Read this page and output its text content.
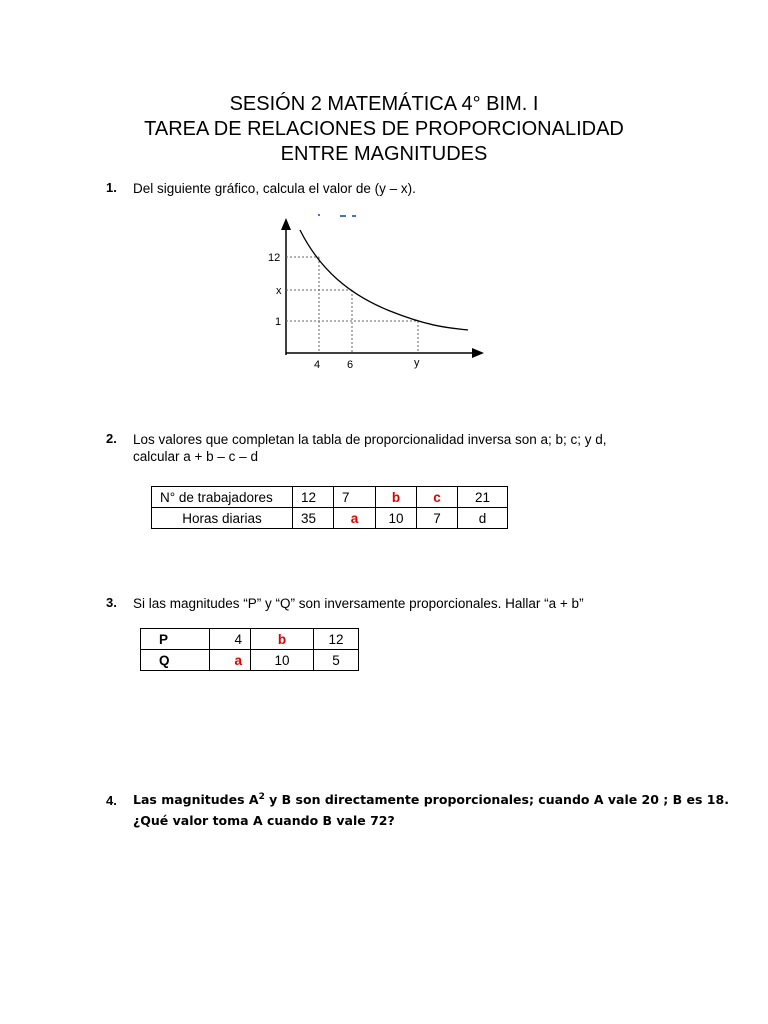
SESIÓN 2 MATEMÁTICA 4° BIM. I
TAREA DE RELACIONES DE PROPORCIONALIDAD
ENTRE MAGNITUDES
1. Del siguiente gráfico, calcula el valor de (y – x).
12
x
1
4 6	y
2. Los valores que completan la tabla de proporcionalidad inversa son a; b; c; y d,
calcular a + b – c – d
N° de trabajadores	12	7	b	c	21
Horas diarias	35	a	10	7	d
3. Si las magnitudes “P” y “Q” son inversamente proporcionales. Hallar “a + b”
P	4	b	12
Q	a	10	5
4. Las magnitudes $A^2$ y B son directamente proporcionales; cuando A vale 20 ; B es 18.
¿Qué valor toma A cuando B vale 72?
